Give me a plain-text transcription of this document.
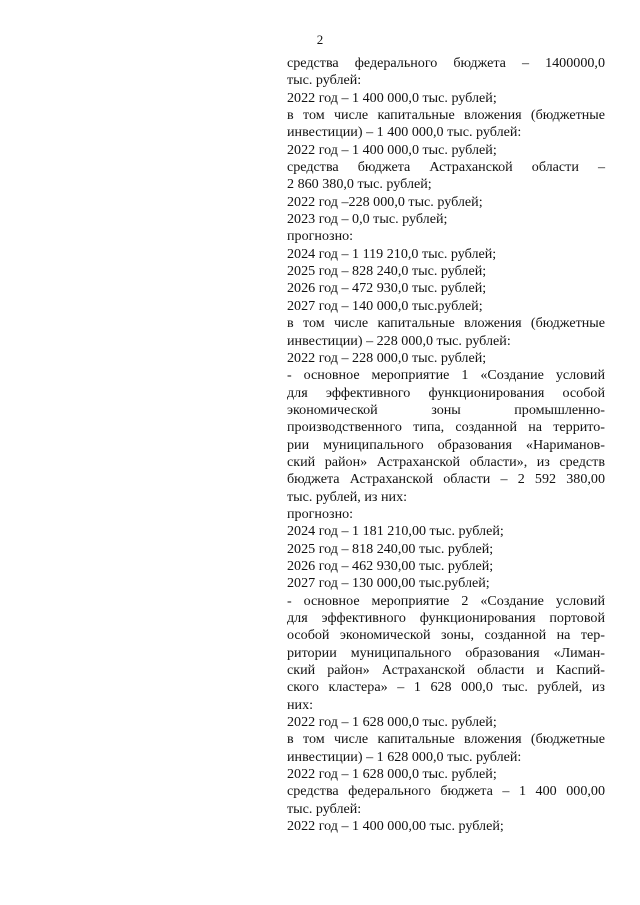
2
средства федерального бюджета – 1400000,0
тыс. рублей:
2022 год – 1 400 000,0 тыс. рублей;
в том числе капитальные вложения (бюджетные
инвестиции) – 1 400 000,0 тыс. рублей:
2022 год – 1 400 000,0 тыс. рублей;
средства бюджета Астраханской области –
2 860 380,0 тыс. рублей;
2022 год –228 000,0 тыс. рублей;
2023 год – 0,0 тыс. рублей;
прогнозно:
2024 год – 1 119 210,0 тыс. рублей;
2025 год – 828 240,0 тыс. рублей;
2026 год – 472 930,0 тыс. рублей;
2027 год – 140 000,0 тыс.рублей;
в том числе капитальные вложения (бюджетные
инвестиции) – 228 000,0 тыс. рублей:
2022 год – 228 000,0 тыс. рублей;
- основное мероприятие 1 «Создание условий
для эффективного функционирования особой
экономической зоны промышленно-
производственного типа, созданной на террито-
рии муниципального образования «Нариманов-
ский район» Астраханской области», из средств
бюджета Астраханской области – 2 592 380,00
тыс. рублей, из них:
прогнозно:
2024 год – 1 181 210,00 тыс. рублей;
2025 год – 818 240,00 тыс. рублей;
2026 год – 462 930,00 тыс. рублей;
2027 год – 130 000,00 тыс.рублей;
- основное мероприятие 2 «Создание условий
для эффективного функционирования портовой
особой экономической зоны, созданной на тер-
ритории муниципального образования «Лиман-
ский район» Астраханской области и Каспий-
ского кластера» – 1 628 000,0 тыс. рублей, из
них:
2022 год – 1 628 000,0 тыс. рублей;
в том числе капитальные вложения (бюджетные
инвестиции) – 1 628 000,0 тыс. рублей:
2022 год – 1 628 000,0 тыс. рублей;
средства федерального бюджета – 1 400 000,00
тыс. рублей:
2022 год – 1 400 000,00 тыс. рублей;
